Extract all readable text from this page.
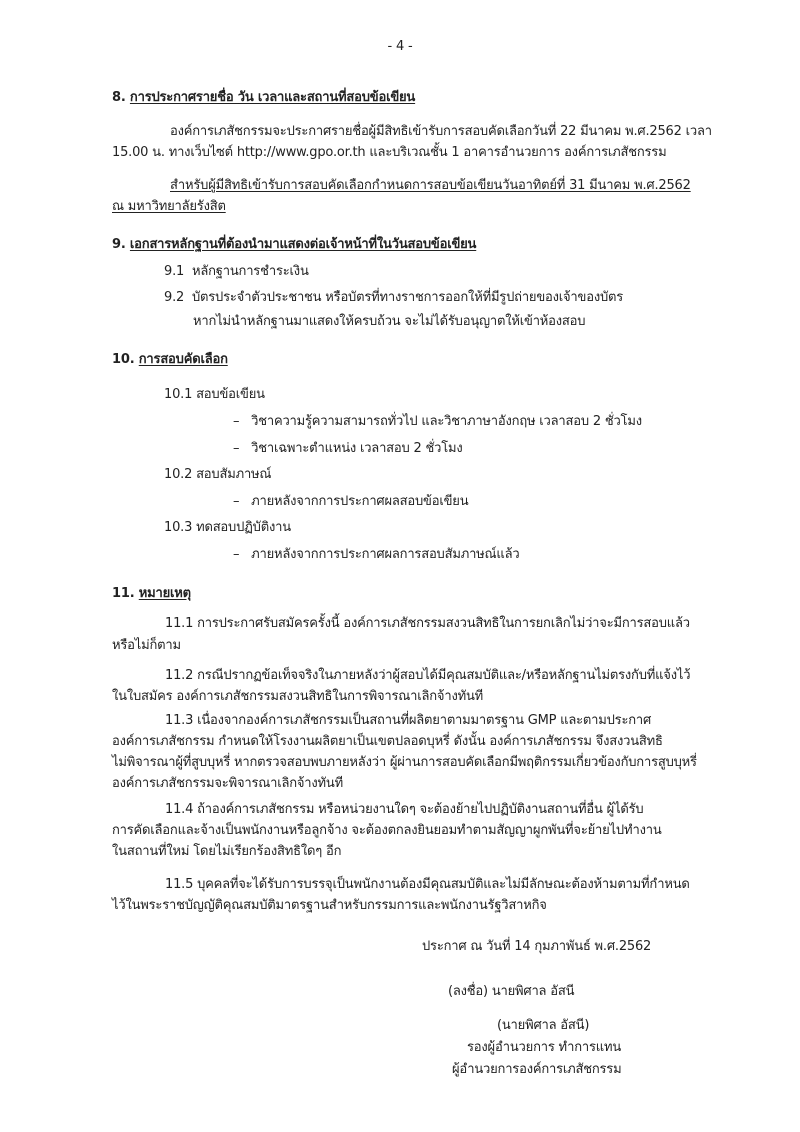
- 4 -
8. การประกาศรายชื่อ วัน เวลาและสถานที่สอบข้อเขียน
องค์การเภสัชกรรมจะประกาศรายชื่อผู้มีสิทธิเข้ารับการสอบคัดเลือกวันที่ 22 มีนาคม พ.ศ.2562 เวลา
15.00 น. ทางเว็บไซต์ http://www.gpo.or.th และบริเวณชั้น 1 อาคารอำนวยการ องค์การเภสัชกรรม
สำหรับผู้มีสิทธิเข้ารับการสอบคัดเลือกกำหนดการสอบข้อเขียนวันอาทิตย์ที่ 31 มีนาคม พ.ศ.2562
ณ มหาวิทยาลัยรังสิต
9. เอกสารหลักฐานที่ต้องนำมาแสดงต่อเจ้าหน้าที่ในวันสอบข้อเขียน
9.1 หลักฐานการชำระเงิน
9.2 บัตรประจำตัวประชาชน หรือบัตรที่ทางราชการออกให้ที่มีรูปถ่ายของเจ้าของบัตร
หากไม่นำหลักฐานมาแสดงให้ครบถ้วน จะไม่ได้รับอนุญาตให้เข้าห้องสอบ
10. การสอบคัดเลือก
10.1 สอบข้อเขียน
– วิชาความรู้ความสามารถทั่วไป และวิชาภาษาอังกฤษ เวลาสอบ 2 ชั่วโมง
– วิชาเฉพาะตำแหน่ง เวลาสอบ 2 ชั่วโมง
10.2 สอบสัมภาษณ์
– ภายหลังจากการประกาศผลสอบข้อเขียน
10.3 ทดสอบปฏิบัติงาน
– ภายหลังจากการประกาศผลการสอบสัมภาษณ์แล้ว
11. หมายเหตุ
11.1 การประกาศรับสมัครครั้งนี้ องค์การเภสัชกรรมสงวนสิทธิในการยกเลิกไม่ว่าจะมีการสอบแล้ว
หรือไม่ก็ตาม
11.2 กรณีปรากฏข้อเท็จจริงในภายหลังว่าผู้สอบได้มีคุณสมบัติและ/หรือหลักฐานไม่ตรงกับที่แจ้งไว้
ในใบสมัคร องค์การเภสัชกรรมสงวนสิทธิในการพิจารณาเลิกจ้างทันที
11.3 เนื่องจากองค์การเภสัชกรรมเป็นสถานที่ผลิตยาตามมาตรฐาน GMP และตามประกาศ
องค์การเภสัชกรรม กำหนดให้โรงงานผลิตยาเป็นเขตปลอดบุหรี่ ดังนั้น องค์การเภสัชกรรม จึงสงวนสิทธิ
ไม่พิจารณาผู้ที่สูบบุหรี่ หากตรวจสอบพบภายหลังว่า ผู้ผ่านการสอบคัดเลือกมีพฤติกรรมเกี่ยวข้องกับการสูบบุหรี่
องค์การเภสัชกรรมจะพิจารณาเลิกจ้างทันที
11.4 ถ้าองค์การเภสัชกรรม หรือหน่วยงานใดๆ จะต้องย้ายไปปฏิบัติงานสถานที่อื่น ผู้ได้รับ
การคัดเลือกและจ้างเป็นพนักงานหรือลูกจ้าง จะต้องตกลงยินยอมทำตามสัญญาผูกพันที่จะย้ายไปทำงาน
ในสถานที่ใหม่ โดยไม่เรียกร้องสิทธิใดๆ อีก
11.5 บุคคลที่จะได้รับการบรรจุเป็นพนักงานต้องมีคุณสมบัติและไม่มีลักษณะต้องห้ามตามที่กำหนด
ไว้ในพระราชบัญญัติคุณสมบัติมาตรฐานสำหรับกรรมการและพนักงานรัฐวิสาหกิจ
ประกาศ ณ วันที่ 14 กุมภาพันธ์ พ.ศ.2562
(ลงชื่อ) นายพิศาล อัสนี
(นายพิศาล อัสนี)
รองผู้อำนวยการ ทำการแทน
ผู้อำนวยการองค์การเภสัชกรรม
